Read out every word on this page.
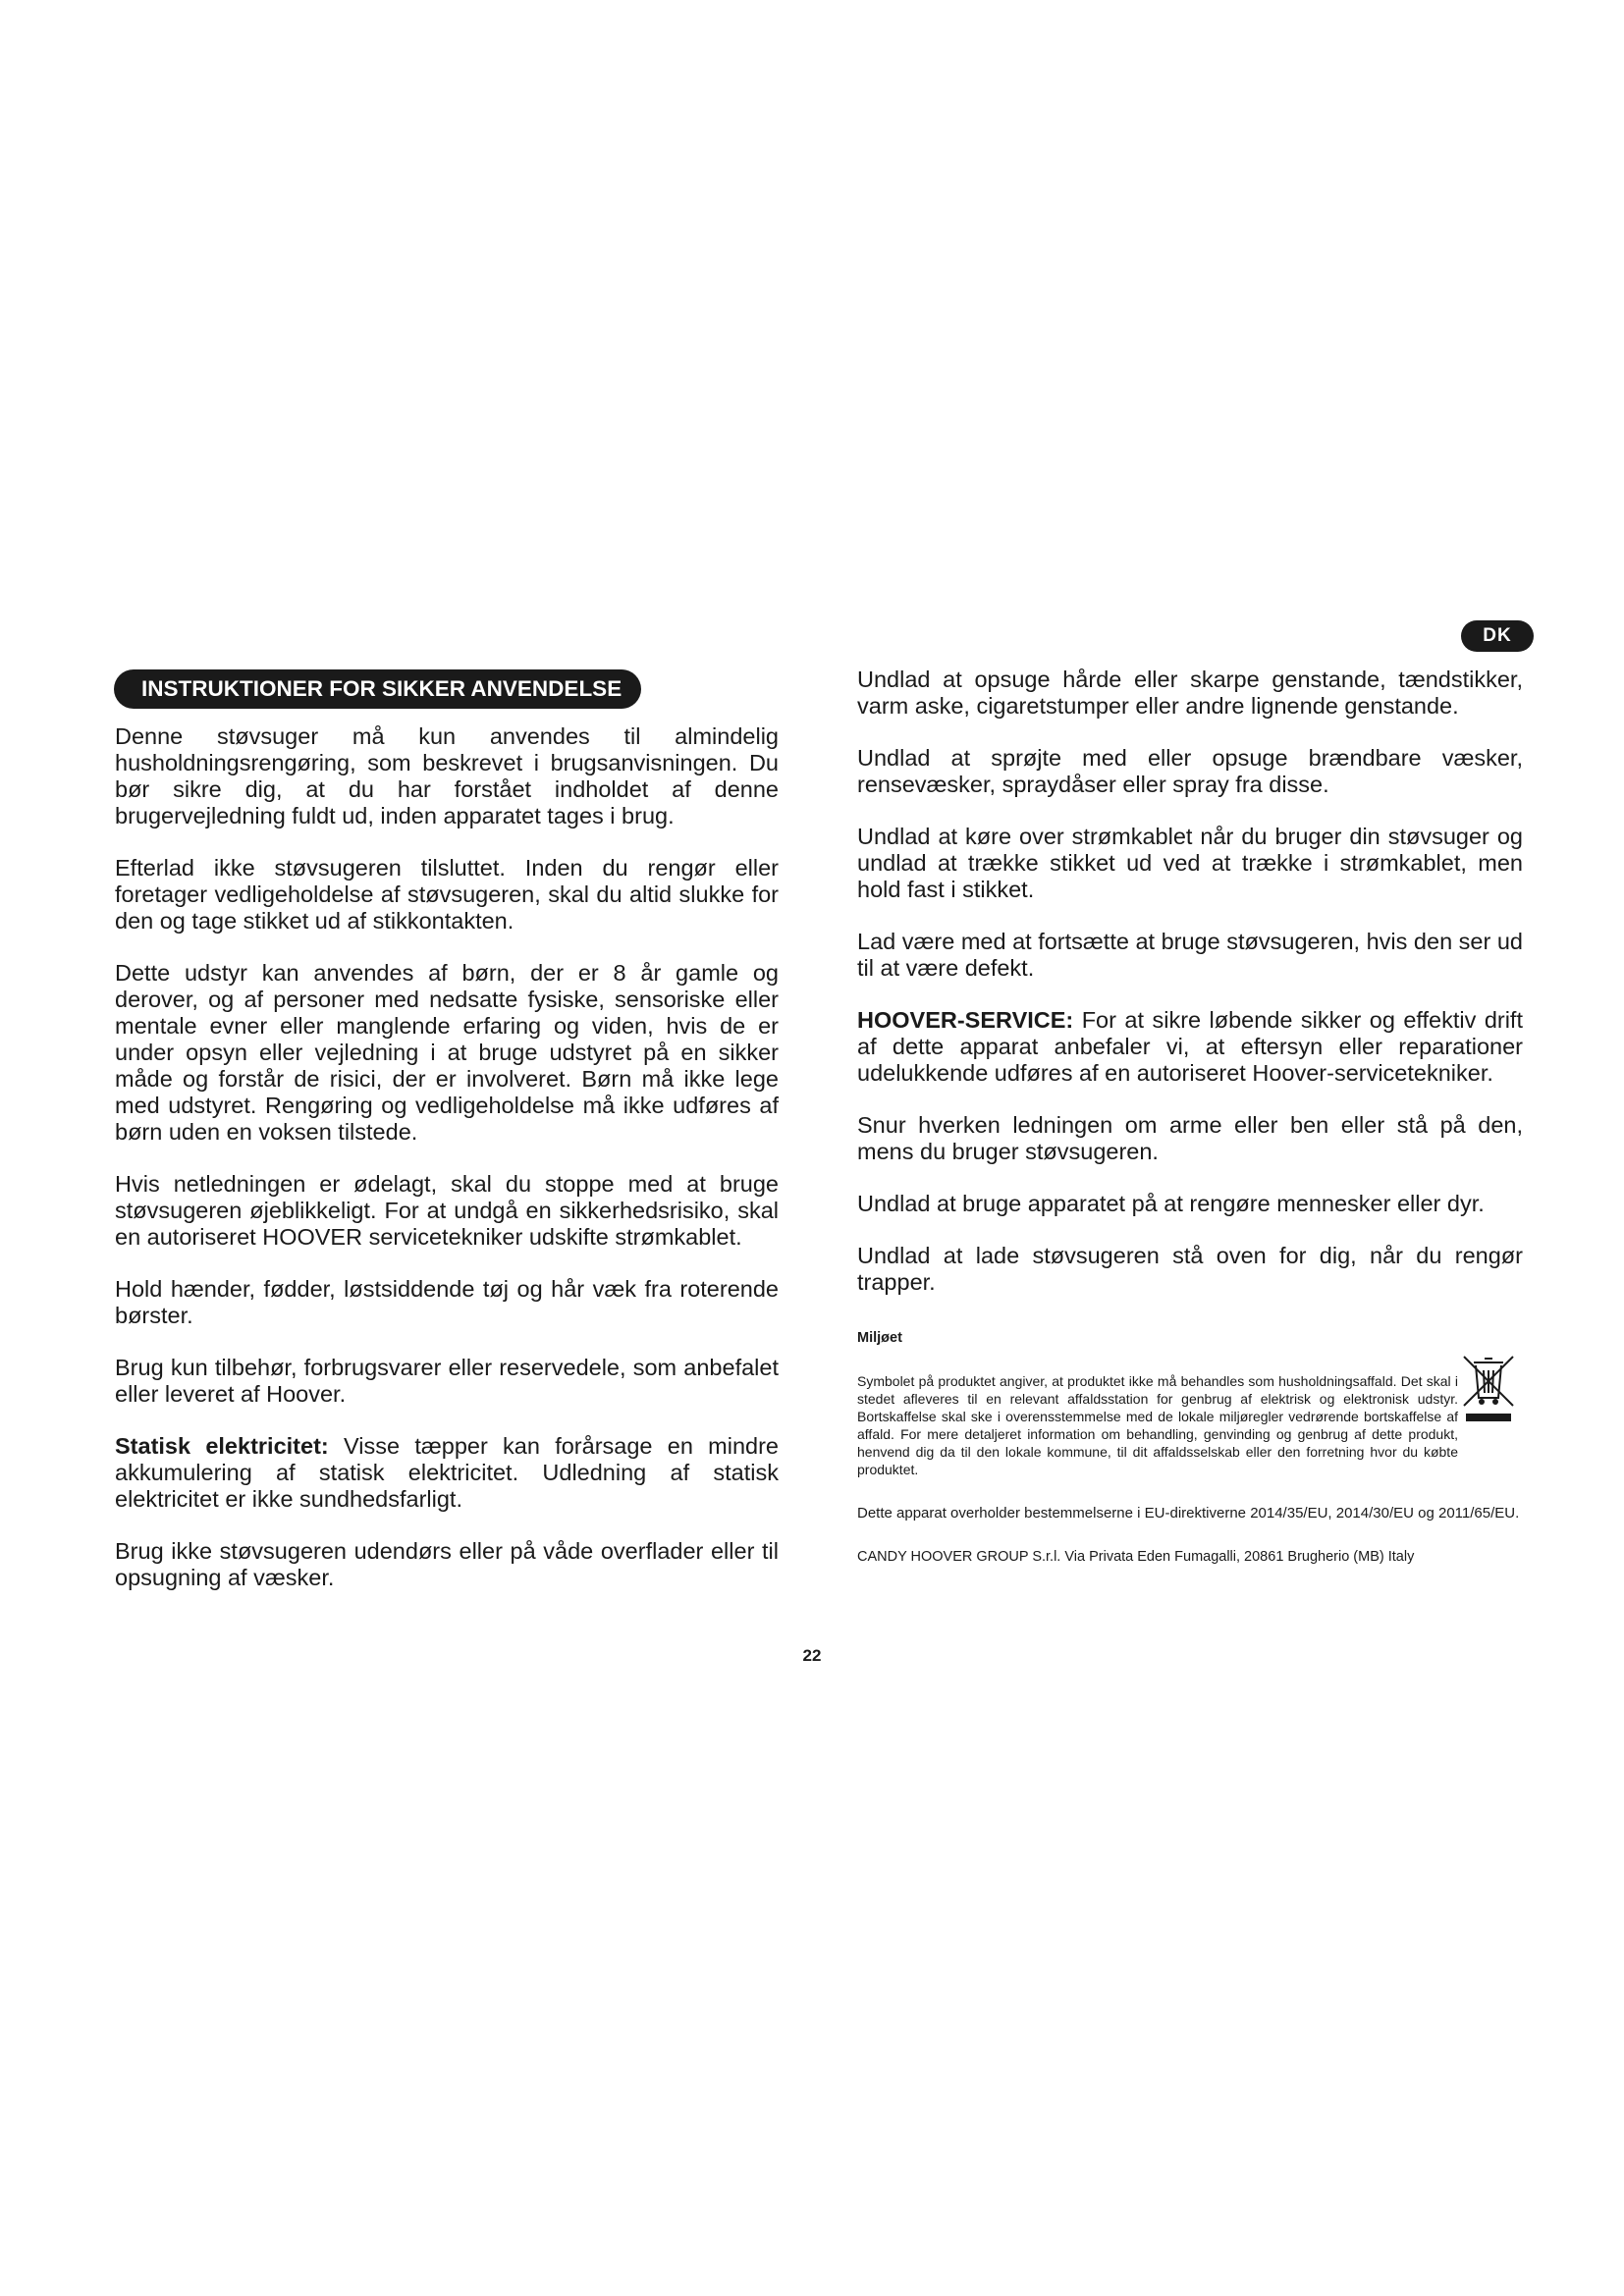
DK
INSTRUKTIONER FOR SIKKER ANVENDELSE

Denne støvsuger må kun anvendes til almindelig husholdningsrengøring, som beskrevet i brugsanvisningen. Du bør sikre dig, at du har forstået indholdet af denne brugervejledning fuldt ud, inden apparatet tages i brug.

Efterlad ikke støvsugeren tilsluttet. Inden du rengør eller foretager vedligeholdelse af støvsugeren, skal du altid slukke for den og tage stikket ud af stikkontakten.

Dette udstyr kan anvendes af børn, der er 8 år gamle og derover, og af personer med nedsatte fysiske, sensoriske eller mentale evner eller manglende erfaring og viden, hvis de er under opsyn eller vejledning i at bruge udstyret på en sikker måde og forstår de risici, der er involveret. Børn må ikke lege med udstyret. Rengøring og vedligeholdelse må ikke udføres af børn uden en voksen tilstede.

Hvis netledningen er ødelagt, skal du stoppe med at bruge støvsugeren øjeblikkeligt. For at undgå en sikkerhedsrisiko, skal en autoriseret HOOVER servicetekniker udskifte strømkablet.

Hold hænder, fødder, løstsiddende tøj og hår væk fra roterende børster.

Brug kun tilbehør, forbrugsvarer eller reservedele, som anbefalet eller leveret af Hoover.

Statisk elektricitet: Visse tæpper kan forårsage en mindre akkumulering af statisk elektricitet. Udledning af statisk elektricitet er ikke sundhedsfarligt.

Brug ikke støvsugeren udendørs eller på våde overflader eller til opsugning af væsker.

Undlad at opsuge hårde eller skarpe genstande, tændstikker, varm aske, cigaretstumper eller andre lignende genstande.

Undlad at sprøjte med eller opsuge brændbare væsker, rensevæsker, spraydåser eller spray fra disse.

Undlad at køre over strømkablet når du bruger din støvsuger og undlad at trække stikket ud ved at trække i strømkablet, men hold fast i stikket.

Lad være med at fortsætte at bruge støvsugeren, hvis den ser ud til at være defekt.

HOOVER-SERVICE: For at sikre løbende sikker og effektiv drift af dette apparat anbefaler vi, at eftersyn eller reparationer udelukkende udføres af en autoriseret Hoover-servicetekniker.

Snur hverken ledningen om arme eller ben eller stå på den, mens du bruger støvsugeren.

Undlad at bruge apparatet på at rengøre mennesker eller dyr.

Undlad at lade støvsugeren stå oven for dig, når du rengør trapper.

Miljøet

Symbolet på produktet angiver, at produktet ikke må behandles som husholdningsaffald. Det skal i stedet afleveres til en relevant affaldsstation for genbrug af elektrisk og elektronisk udstyr. Bortskaffelse skal ske i overensstemmelse med de lokale miljøregler vedrørende bortskaffelse af affald. For mere detaljeret information om behandling, genvinding og genbrug af dette produkt, henvend dig da til den lokale kommune, til dit affaldsselskab eller den forretning hvor du købte produktet.

Dette apparat overholder bestemmelserne i EU-direktiverne 2014/35/EU, 2014/30/EU og 2011/65/EU.

CANDY HOOVER GROUP S.r.l. Via Privata Eden Fumagalli, 20861 Brugherio (MB) Italy

22
